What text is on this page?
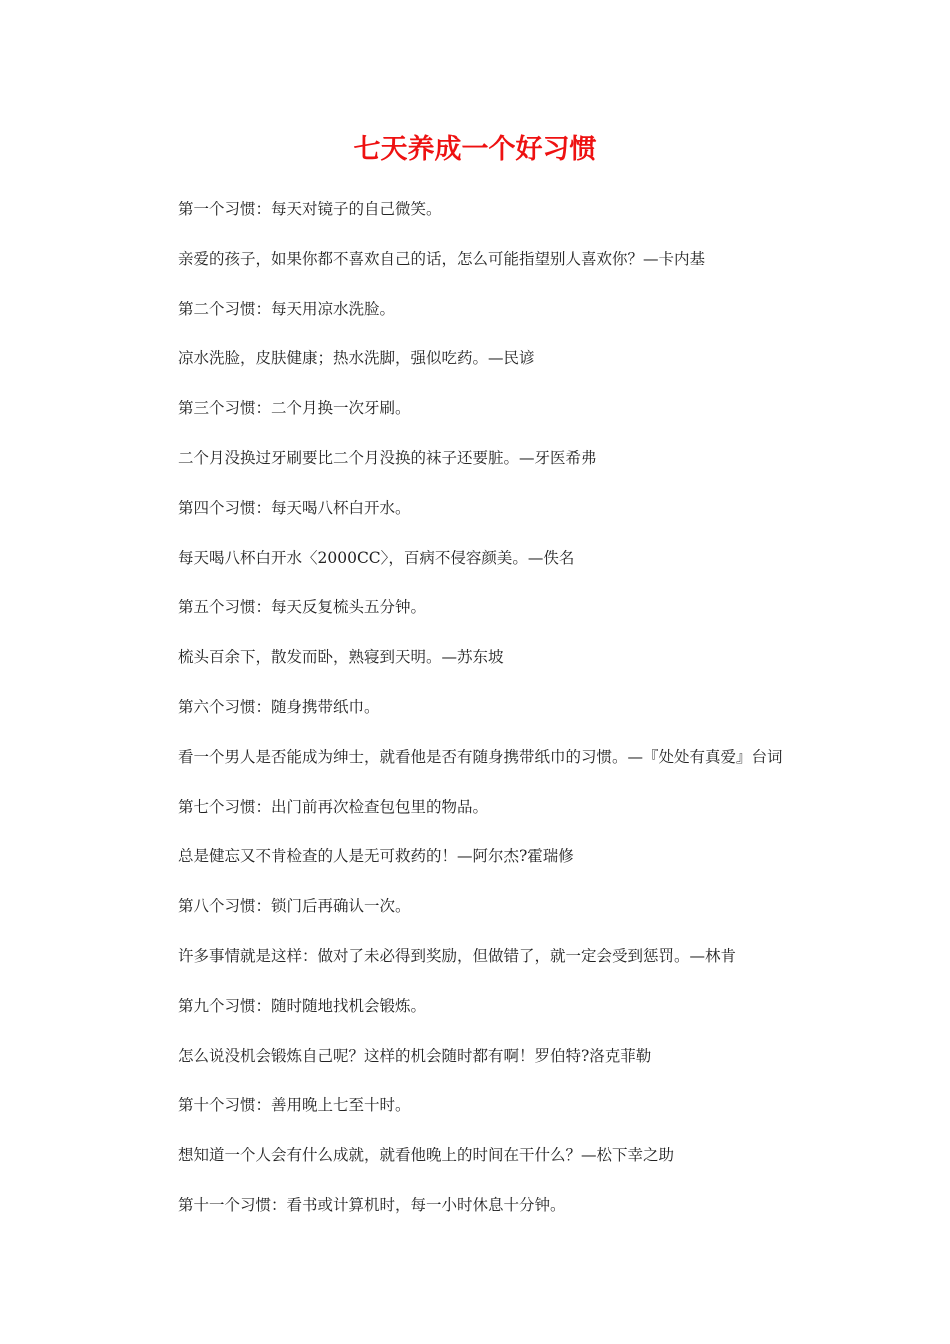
七天养成一个好习惯

第一个习惯：每天对镜子的自己微笑。

亲爱的孩子，如果你都不喜欢自己的话，怎么可能指望别人喜欢你？—卡内基

第二个习惯：每天用凉水洗脸。

凉水洗脸，皮肤健康；热水洗脚，强似吃药。—民谚

第三个习惯：二个月换一次牙刷。

二个月没换过牙刷要比二个月没换的袜子还要脏。—牙医希弗

第四个习惯：每天喝八杯白开水。

每天喝八杯白开水〈2000CC〉，百病不侵容颜美。—佚名

第五个习惯：每天反复梳头五分钟。

梳头百余下，散发而卧，熟寝到天明。—苏东坡

第六个习惯：随身携带纸巾。

看一个男人是否能成为绅士，就看他是否有随身携带纸巾的习惯。—『处处有真爱』台词

第七个习惯：出门前再次检查包包里的物品。

总是健忘又不肯检查的人是无可救药的！—阿尔杰?霍瑞修

第八个习惯：锁门后再确认一次。

许多事情就是这样：做对了未必得到奖励，但做错了，就一定会受到惩罚。—林肯

第九个习惯：随时随地找机会锻炼。

怎么说没机会锻炼自己呢？这样的机会随时都有啊！罗伯特?洛克菲勒

第十个习惯：善用晚上七至十时。

想知道一个人会有什么成就，就看他晚上的时间在干什么？—松下幸之助

第十一个习惯：看书或计算机时，每一小时休息十分钟。
